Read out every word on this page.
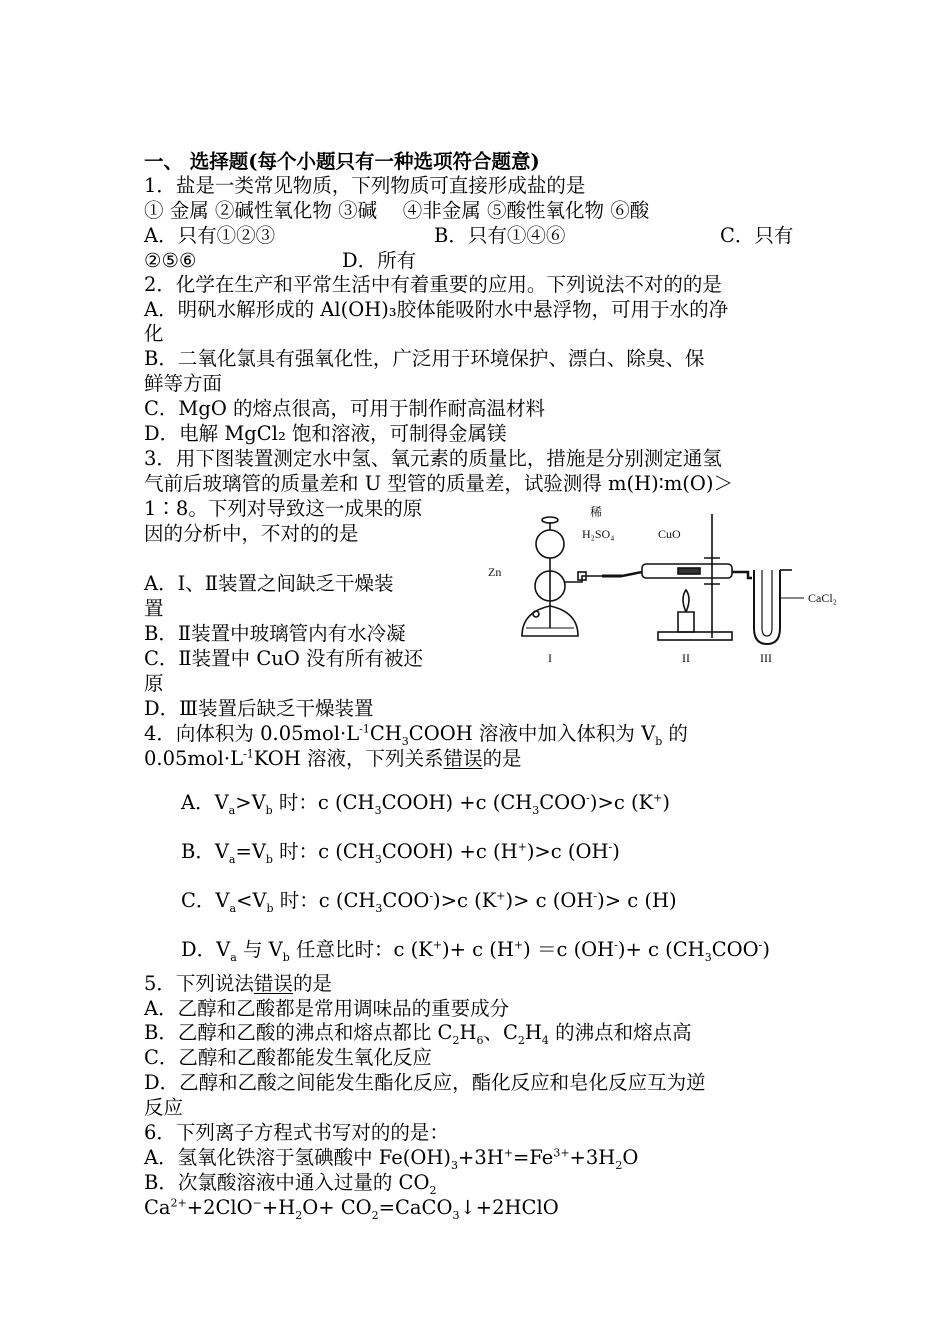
一、 选择题(每个小题只有一种选项符合题意)
1．盐是一类常见物质，下列物质可直接形成盐的是
① 金属 ②碱性氧化物 ③碱　 ④非金属 ⑤酸性氧化物 ⑥酸
A．只有①②③	B．只有①④⑥	C．只有
②⑤⑥	D．所有
2．化学在生产和平常生活中有着重要的应用。下列说法不对的的是
A．明矾水解形成的 Al(OH)₃胶体能吸附水中悬浮物，可用于水的净
化
B．二氧化氯具有强氧化性，广泛用于环境保护、漂白、除臭、保
鲜等方面
C．MgO 的熔点很高，可用于制作耐高温材料
D．电解 MgCl₂ 饱和溶液，可制得金属镁
3．用下图装置测定水中氢、氧元素的质量比，措施是分别测定通氢
气前后玻璃管的质量差和 U 型管的质量差，试验测得 m(H)∶m(O)＞
1∶8。下列对导致这一成果的原
因的分析中，不对的的是
A．Ⅰ、Ⅱ装置之间缺乏干燥装
置
B．Ⅱ装置中玻璃管内有水冷凝
C．Ⅱ装置中 CuO 没有所有被还
原
D．Ⅲ装置后缺乏干燥装置
4．向体积为 $0.05mol\cdot L^{-1}CH_3COOH$ 溶液中加入体积为 $V_b$ 的
$0.05mol\cdot L^{-1}KOH$ 溶液，下列关系错误的是
A．$V_a>V_b$ 时：c $(CH_3COOH) +c$ $(CH_3COO^-)>c$ (K+)
B．$V_a=V_b$ 时：c $(CH_3COOH) +c$ (H+)>c (OH-)
C．$V_a<V_b$ 时：c $(CH_3COO^-)>c$ (K+)> c (OH-)> c (H)
D．$V_a$ 与 $V_b$ 任意比时：c (K+)+ c (H+) ＝c (OH-)+ c $(CH_3COO^-)$
5．下列说法错误的是
A．乙醇和乙酸都是常用调味品的重要成分
B．乙醇和乙酸的沸点和熔点都比 $C_2H_6$、$C_2H_4$ 的沸点和熔点高
C．乙醇和乙酸都能发生氧化反应
D．乙醇和乙酸之间能发生酯化反应，酯化反应和皂化反应互为逆
反应
6．下列离子方程式书写对的的是：
A．氢氧化铁溶于氢碘酸中 $Fe(OH)_3+3H^+=Fe^{3+}+3H_2O$
B．次氯酸溶液中通入过量的 $CO_2$
$Ca^{2+}+2ClO^-+H_2O+$ $CO_2=CaCO_3↓+2HClO$
稀
H₂SO₄	CuO
Zn
CaCl₂
I	II	III
